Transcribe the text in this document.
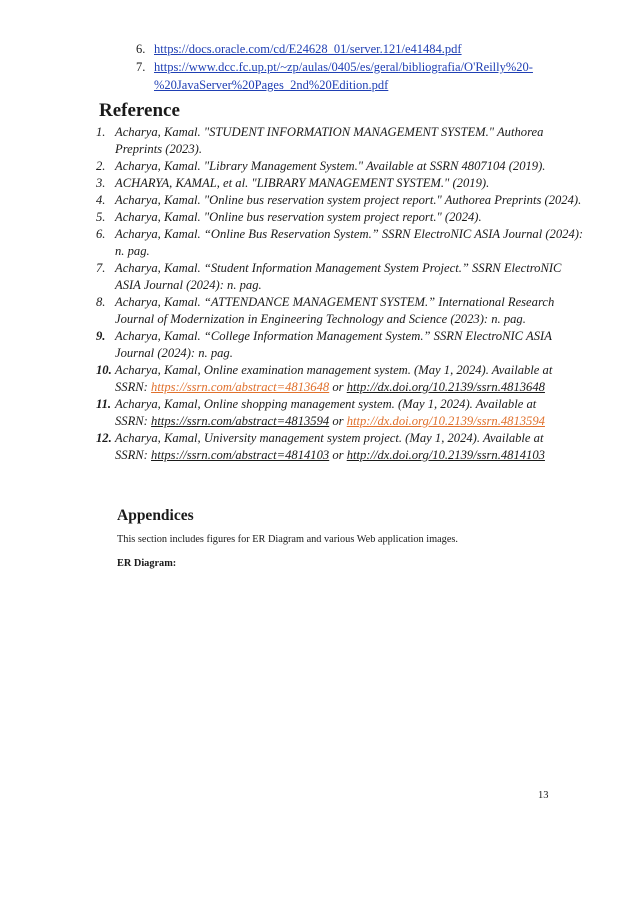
6. https://docs.oracle.com/cd/E24628_01/server.121/e41484.pdf
7. https://www.dcc.fc.up.pt/~zp/aulas/0405/es/geral/bibliografia/O'Reilly%20-
%20JavaServer%20Pages_2nd%20Edition.pdf
Reference
1. Acharya, Kamal. "STUDENT INFORMATION MANAGEMENT SYSTEM." Authorea
Preprints (2023).
2. Acharya, Kamal. "Library Management System." Available at SSRN 4807104 (2019).
3. ACHARYA, KAMAL, et al. "LIBRARY MANAGEMENT SYSTEM." (2019).
4. Acharya, Kamal. "Online bus reservation system project report." Authorea Preprints (2024).
5. Acharya, Kamal. "Online bus reservation system project report." (2024).
6. Acharya, Kamal. “Online Bus Reservation System.” SSRN ElectroNIC ASIA Journal (2024):
n. pag.
7. Acharya, Kamal. “Student Information Management System Project.” SSRN ElectroNIC
ASIA Journal (2024): n. pag.
8. Acharya, Kamal. “ATTENDANCE MANAGEMENT SYSTEM.” International Research
Journal of Modernization in Engineering Technology and Science (2023): n. pag.
9. Acharya, Kamal. “College Information Management System.” SSRN ElectroNIC ASIA
Journal (2024): n. pag.
10. Acharya, Kamal, Online examination management system. (May 1, 2024). Available at
SSRN: https://ssrn.com/abstract=4813648 or http://dx.doi.org/10.2139/ssrn.4813648
11. Acharya, Kamal, Online shopping management system. (May 1, 2024). Available at
SSRN: https://ssrn.com/abstract=4813594 or http://dx.doi.org/10.2139/ssrn.4813594
12. Acharya, Kamal, University management system project. (May 1, 2024). Available at
SSRN: https://ssrn.com/abstract=4814103 or http://dx.doi.org/10.2139/ssrn.4814103
Appendices

This section includes figures for ER Diagram and various Web application images.

ER Diagram:

13
